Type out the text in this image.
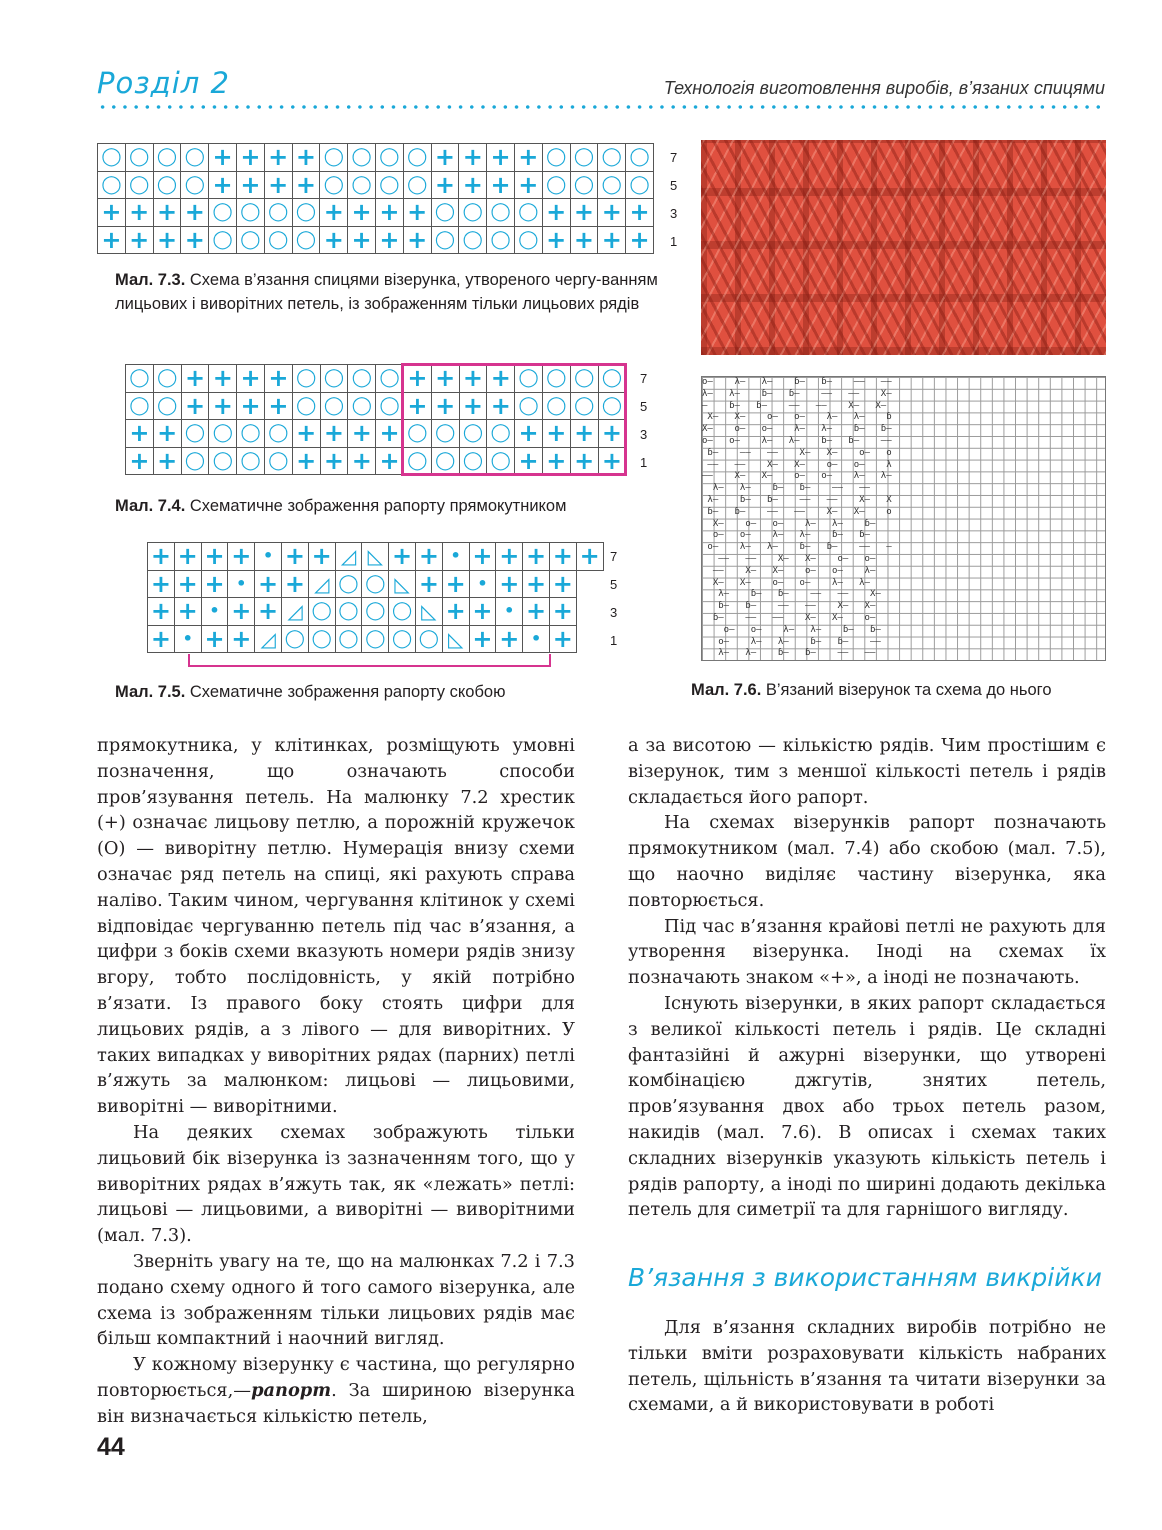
Розділ 2	Технологія виготовлення виробів, в’язаних спицями
◯	◯	◯	◯	+	+	+	+	◯	◯	◯	◯	+	+	+	+	◯	◯	◯	◯
◯	◯	◯	◯	+	+	+	+	◯	◯	◯	◯	+	+	+	+	◯	◯	◯	◯
+	+	+	+	◯	◯	◯	◯	+	+	+	+	◯	◯	◯	◯	+	+	+	+
+	+	+	+	◯	◯	◯	◯	+	+	+	+	◯	◯	◯	◯	+	+	+	+
7
5
3
1
Мал. 7.3. Схема в’язання спицями візерунка, утвореного чергу-ванням лицьових і виворітних петель, із зображенням тільки лицьових рядів
◯	◯	+	+	+	+	◯	◯	◯	◯	+	+	+	+	◯	◯	◯	◯
◯	◯	+	+	+	+	◯	◯	◯	◯	+	+	+	+	◯	◯	◯	◯
+	+	◯	◯	◯	◯	+	+	+	+	◯	◯	◯	◯	+	+	+	+
+	+	◯	◯	◯	◯	+	+	+	+	◯	◯	◯	◯	+	+	+	+
7
5
3
1
Мал. 7.4. Схематичне зображення рапорту прямокутником
+	+	+	+	•	+	+	◿	◺	+	+	•	+	+	+	+	+
+	+	+	•	+	+	◿	◯	◯	◺	+	+	•	+	+	+	
+	+	•	+	+	◿	◯	◯	◯	◯	◺	+	+	•	+	+	
+	•	+	+	◿	◯	◯	◯	◯	◯	◯	◺	+	+	•	+	
7
5
3
1
Мал. 7.5. Схематичне зображення рапорту скобою
o—    λ—   λ—    ɓ—   ɓ—    ——   ——
λ—   λ—    ɓ—   ɓ—    ——   ——    X—
—    ɓ—   ɓ—    ——   ——    X—   X—
X—   X—    o—   o—    λ—   λ—    ɓ
X—    o—   o—    λ—   λ—    ɓ—   ɓ—
o—   o—    λ—   λ—    ɓ—   ɓ—    ——
ɓ—    ——   ——    X—   X—    o—   o
——   ——    X—   X—    o—   o—    λ
——    X—   X—    o—   o—    λ—   λ—
λ—   λ—    ɓ—   ɓ—    ——   ——
λ—    ɓ—   ɓ—    ——   ——    X—   X
ɓ—   ɓ—    ——   ——    X—   X—    o
X—    o—   o—    λ—   λ—    ɓ—
o—   o—    λ—   λ—    ɓ—   ɓ—
o—    λ—   λ—    ɓ—   ɓ—    ——   —
——   ——    X—   X—    o—   o—
——    X—   X—    o—   o—    λ—
X—   X—    o—   o—    λ—   λ—
λ—    ɓ—   ɓ—    ——   ——    X—
ɓ—   ɓ—    ——   ——    X—   X—
ɓ—    ——   ——    X—   X—    o—
o—   o—    λ—   λ—    ɓ—   ɓ—
o—    λ—   λ—    ɓ—   ɓ—    ——
λ—   λ—    ɓ—   ɓ—    ——   ——

Мал. 7.6. В’язаний візерунок та схема до нього

прямокутника, у клітинках, розміщують умовні позначення, що означають способи пров’язування петель. На малюнку 7.2 хрестик (+) означає лицьову петлю, а порожній кружечок (O) — виворітну петлю. Нумерація внизу схеми означає ряд петель на спиці, які рахують справа наліво. Таким чином, чергування клітинок у схемі відповідає чергуванню петель під час в’язання, а цифри з боків схеми вказують номери рядів знизу вгору, тобто послідовність, у якій потрібно в’язати. Із правого боку стоять цифри для лицьових рядів, а з лівого — для виворітних. У таких випадках у виворітних рядах (парних) петлі в’яжуть за малюнком: лицьові — лицьовими, виворітні — виворітними.

На деяких схемах зображують тільки лицьовий бік візерунка із зазначенням того, що у виворітних рядах в’яжуть так, як «лежать» петлі: лицьові — лицьовими, а виворітні — виворітними (мал. 7.3).

Зверніть увагу на те, що на малюнках 7.2 і 7.3 подано схему одного й того самого візерунка, але схема із зображенням тільки лицьових рядів має більш компактний і наочний вигляд.

У кожному візерунку є частина, що регулярно повторюється,—рапорт. За шириною візерунка він визначається кількістю петель,

а за висотою — кількістю рядів. Чим простішим є візерунок, тим з меншої кількості петель і рядів складається його рапорт.

На схемах візерунків рапорт позначають прямокутником (мал. 7.4) або скобою (мал. 7.5), що наочно виділяє частину візерунка, яка повторюється.

Під час в’язання крайові петлі не рахують для утворення візерунка. Іноді на схемах їх позначають знаком «+», а іноді не позначають.

Існують візерунки, в яких рапорт складається з великої кількості петель і рядів. Це складні фантазійні й ажурні візерунки, що утворені комбінацією джгутів, знятих петель, пров’язування двох або трьох петель разом, накидів (мал. 7.6). В описах і схемах таких складних візерунків указують кількість петель і рядів рапорту, а іноді по ширині додають декілька петель для симетрії та для гарнішого вигляду.

В’язання з використанням викрійки

Для в’язання складних виробів потрібно не тільки вміти розраховувати кількість набраних петель, щільність в’язання та читати візерунки за схемами, а й використовувати в роботі

44
